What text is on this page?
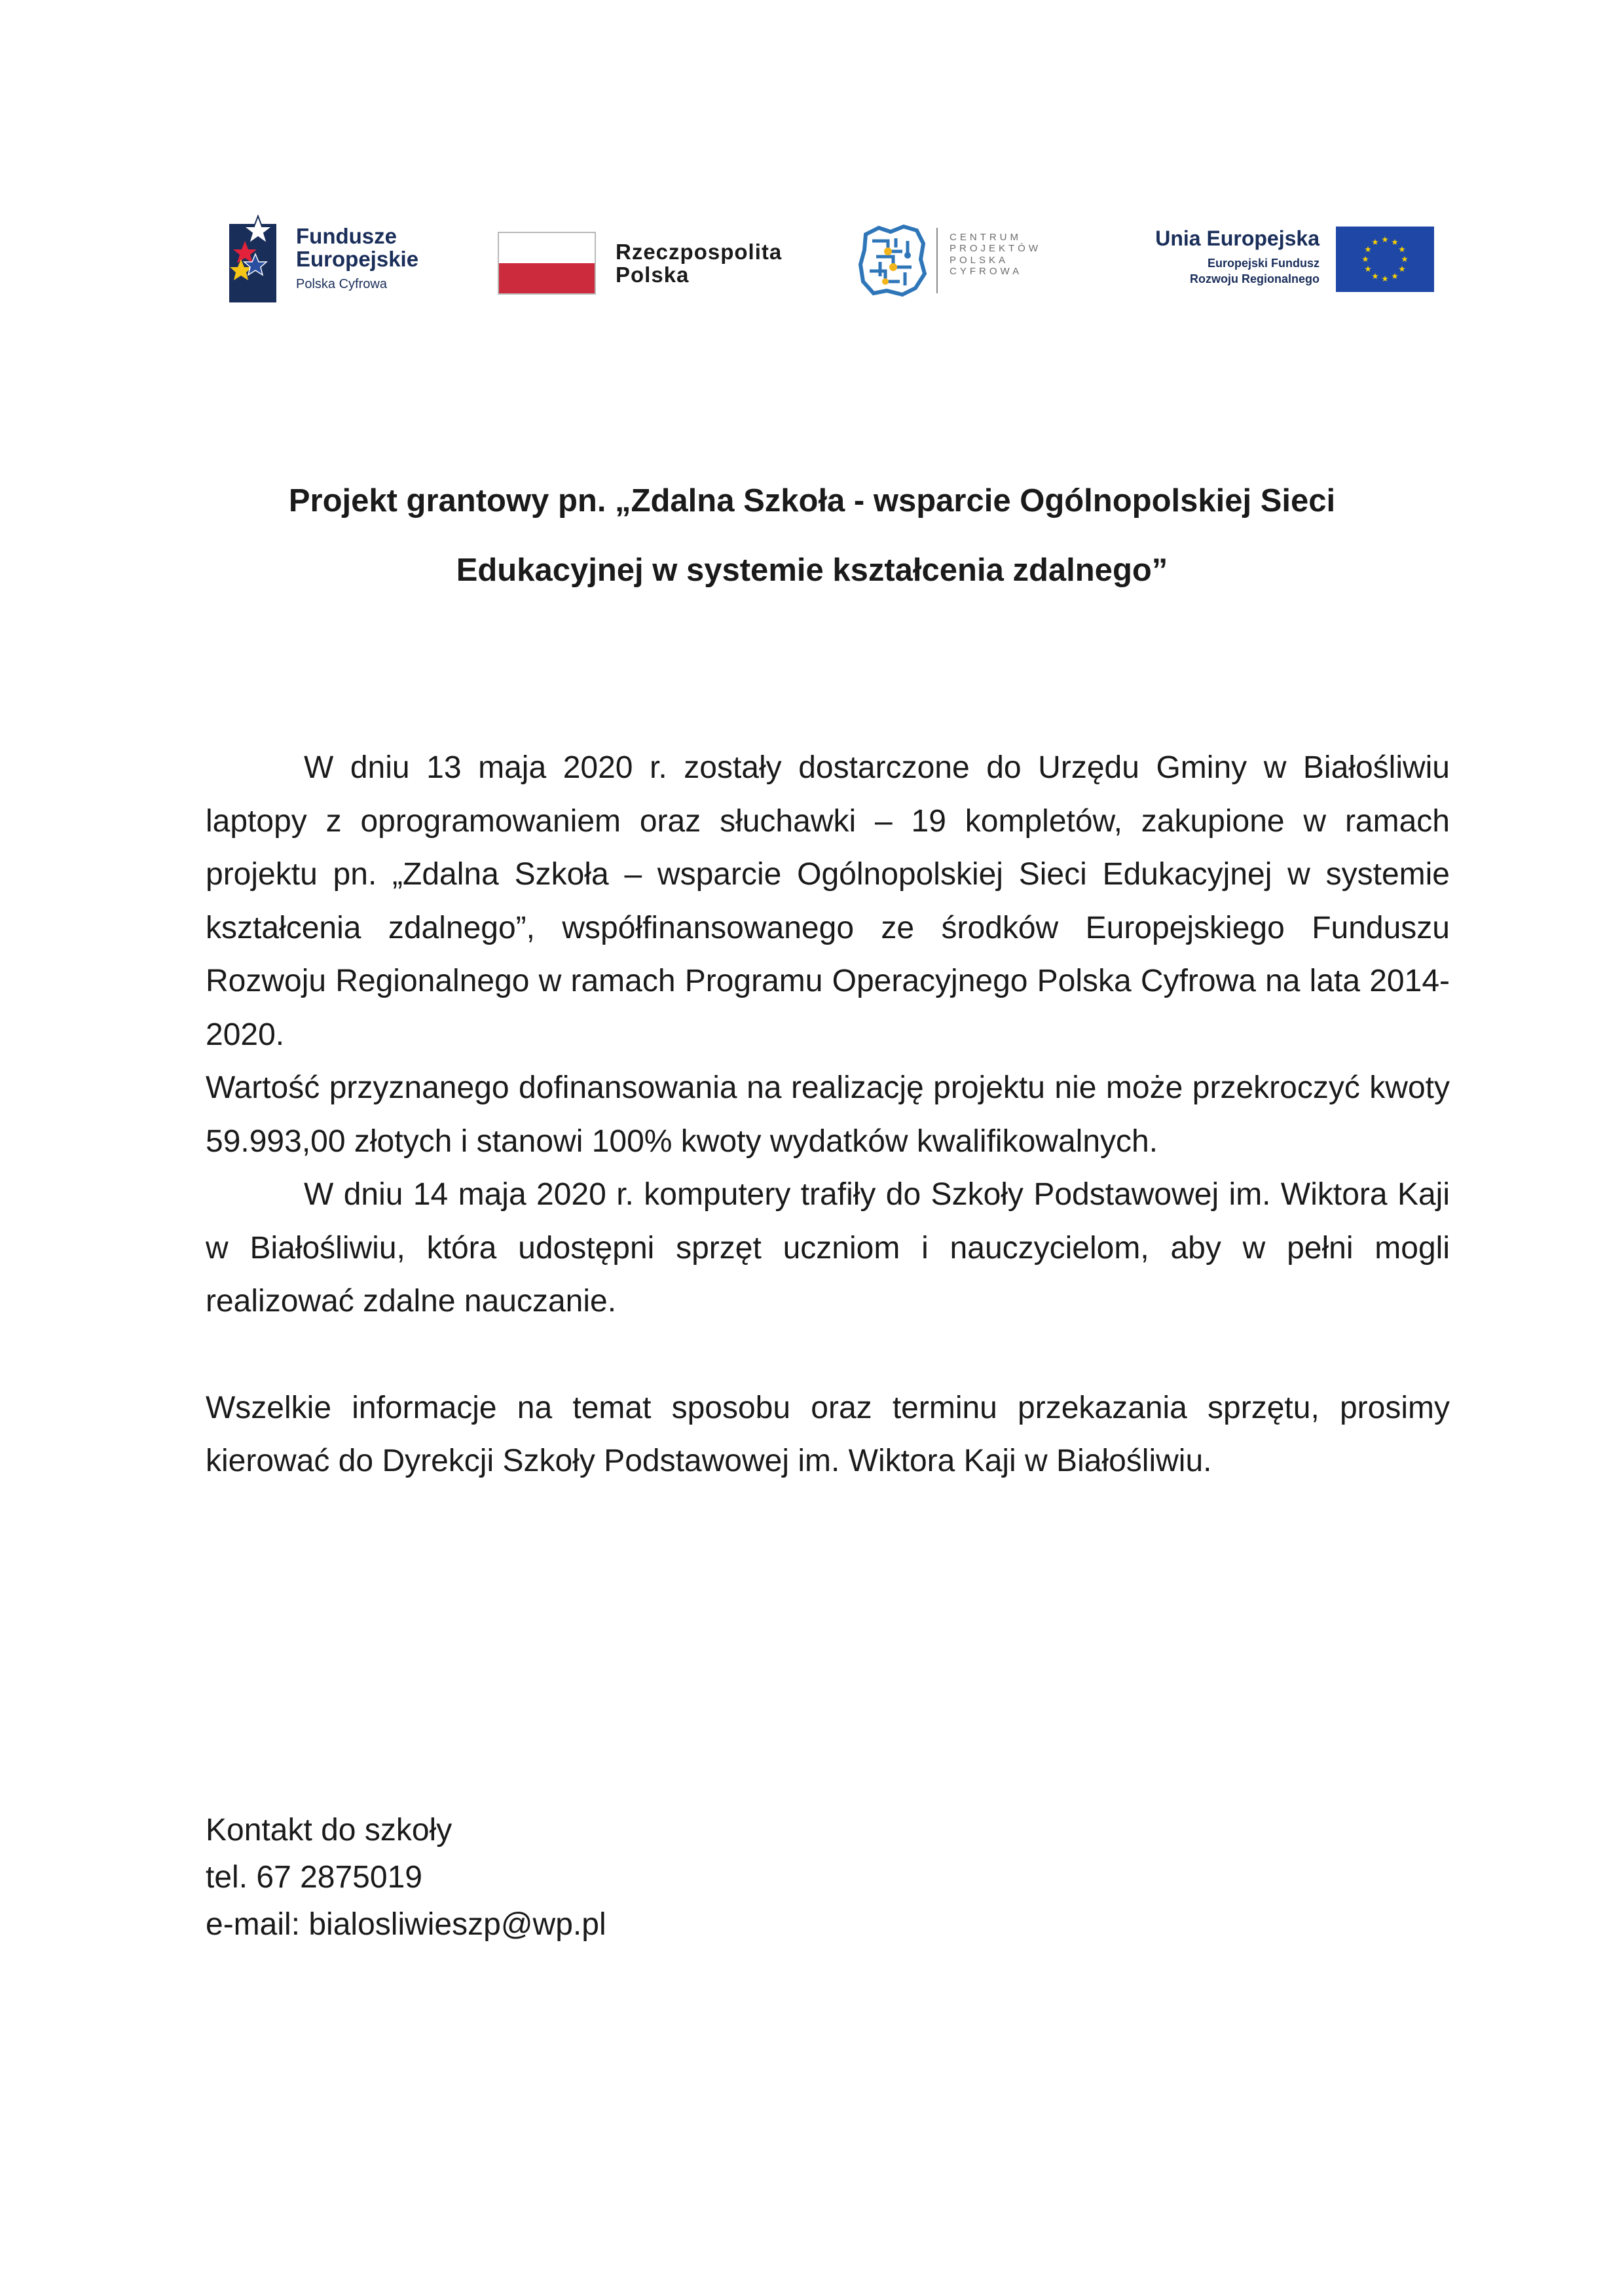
Fundusze
Europejskie
Polska Cyfrowa
Rzeczpospolita
Polska
CENTRUM
PROJEKTÓW
POLSKA
CYFROWA
Unia Europejska
Europejski Fundusz
Rozwoju Regionalnego
Projekt grantowy pn. „Zdalna Szkoła - wsparcie Ogólnopolskiej Sieci
Edukacyjnej w systemie kształcenia zdalnego”

W dniu 13 maja 2020 r. zostały dostarczone do Urzędu Gminy w Białośliwiu laptopy z oprogramowaniem oraz słuchawki – 19 kompletów, zakupione w ramach projektu pn. „Zdalna Szkoła – wsparcie Ogólnopolskiej Sieci Edukacyjnej w systemie kształcenia zdalnego”, współfinansowanego ze środków Europejskiego Funduszu Rozwoju Regionalnego w ramach Programu Operacyjnego Polska Cyfrowa na lata 2014-2020.

Wartość przyznanego dofinansowania na realizację projektu nie może przekroczyć kwoty 59.993,00 złotych i stanowi 100% kwoty wydatków kwalifikowalnych.

W dniu 14 maja 2020 r. komputery trafiły do Szkoły Podstawowej im. Wiktora Kaji w Białośliwiu, która udostępni sprzęt uczniom i nauczycielom, aby w pełni mogli realizować zdalne nauczanie.

Wszelkie informacje na temat sposobu oraz terminu przekazania sprzętu, prosimy kierować do Dyrekcji Szkoły Podstawowej im. Wiktora Kaji w Białośliwiu.

Kontakt do szkoły
tel. 67 2875019
e-mail: bialosliwieszp@wp.pl
